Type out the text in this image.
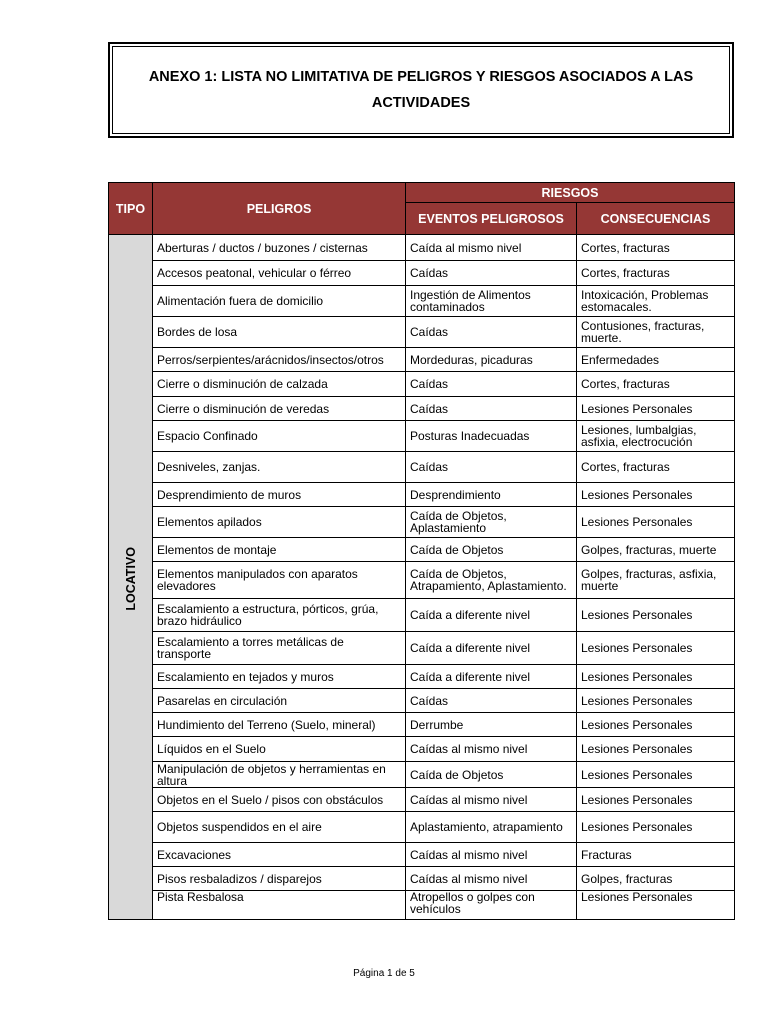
ANEXO 1: LISTA NO LIMITATIVA DE PELIGROS Y RIESGOS ASOCIADOS A LAS ACTIVIDADES
TIPO	PELIGROS	RIESGOS	
		EVENTOS PELIGROSOS	CONSECUENCIAS

LOCATIVO	Aberturas / ductos / buzones / cisternas	Caída al mismo nivel	Cortes, fracturas
	Accesos peatonal, vehicular o férreo	Caídas	Cortes, fracturas
	Alimentación fuera de domicilio	Ingestión de Alimentos contaminados	Intoxicación, Problemas estomacales.
	Bordes de losa	Caídas	Contusiones, fracturas, muerte.
	Perros/serpientes/arácnidos/insectos/otros	Mordeduras, picaduras	Enfermedades
	Cierre o disminución de calzada	Caídas	Cortes, fracturas
	Cierre o disminución de veredas	Caídas	Lesiones Personales
	Espacio Confinado	Posturas Inadecuadas	Lesiones, lumbalgias, asfixia, electrocución
	Desniveles, zanjas.	Caídas	Cortes, fracturas
	Desprendimiento de muros	Desprendimiento	Lesiones Personales
	Elementos apilados	Caída de Objetos, Aplastamiento	Lesiones Personales
	Elementos de montaje	Caída de Objetos	Golpes, fracturas, muerte
	Elementos manipulados con aparatos elevadores	Caída de Objetos, Atrapamiento, Aplastamiento.	Golpes, fracturas, asfixia, muerte
	Escalamiento a estructura, pórticos, grúa, brazo hidráulico	Caída a diferente nivel	Lesiones Personales
	Escalamiento a torres metálicas de transporte	Caída a diferente nivel	Lesiones Personales
	Escalamiento en tejados y muros	Caída a diferente nivel	Lesiones Personales
	Pasarelas en circulación	Caídas	Lesiones Personales
	Hundimiento del Terreno (Suelo, mineral)	Derrumbe	Lesiones Personales
	Líquidos en el Suelo	Caídas al mismo nivel	Lesiones Personales
	Manipulación de objetos y herramientas en altura	Caída de Objetos	Lesiones Personales
	Objetos en el Suelo / pisos con obstáculos	Caídas al mismo nivel	Lesiones Personales
	Objetos suspendidos en el aire	Aplastamiento, atrapamiento	Lesiones Personales
	Excavaciones	Caídas al mismo nivel	Fracturas
	Pisos resbaladizos / disparejos	Caídas al mismo nivel	Golpes, fracturas
	Pista Resbalosa	Atropellos o golpes con vehículos	Lesiones Personales
Página 1 de 5
